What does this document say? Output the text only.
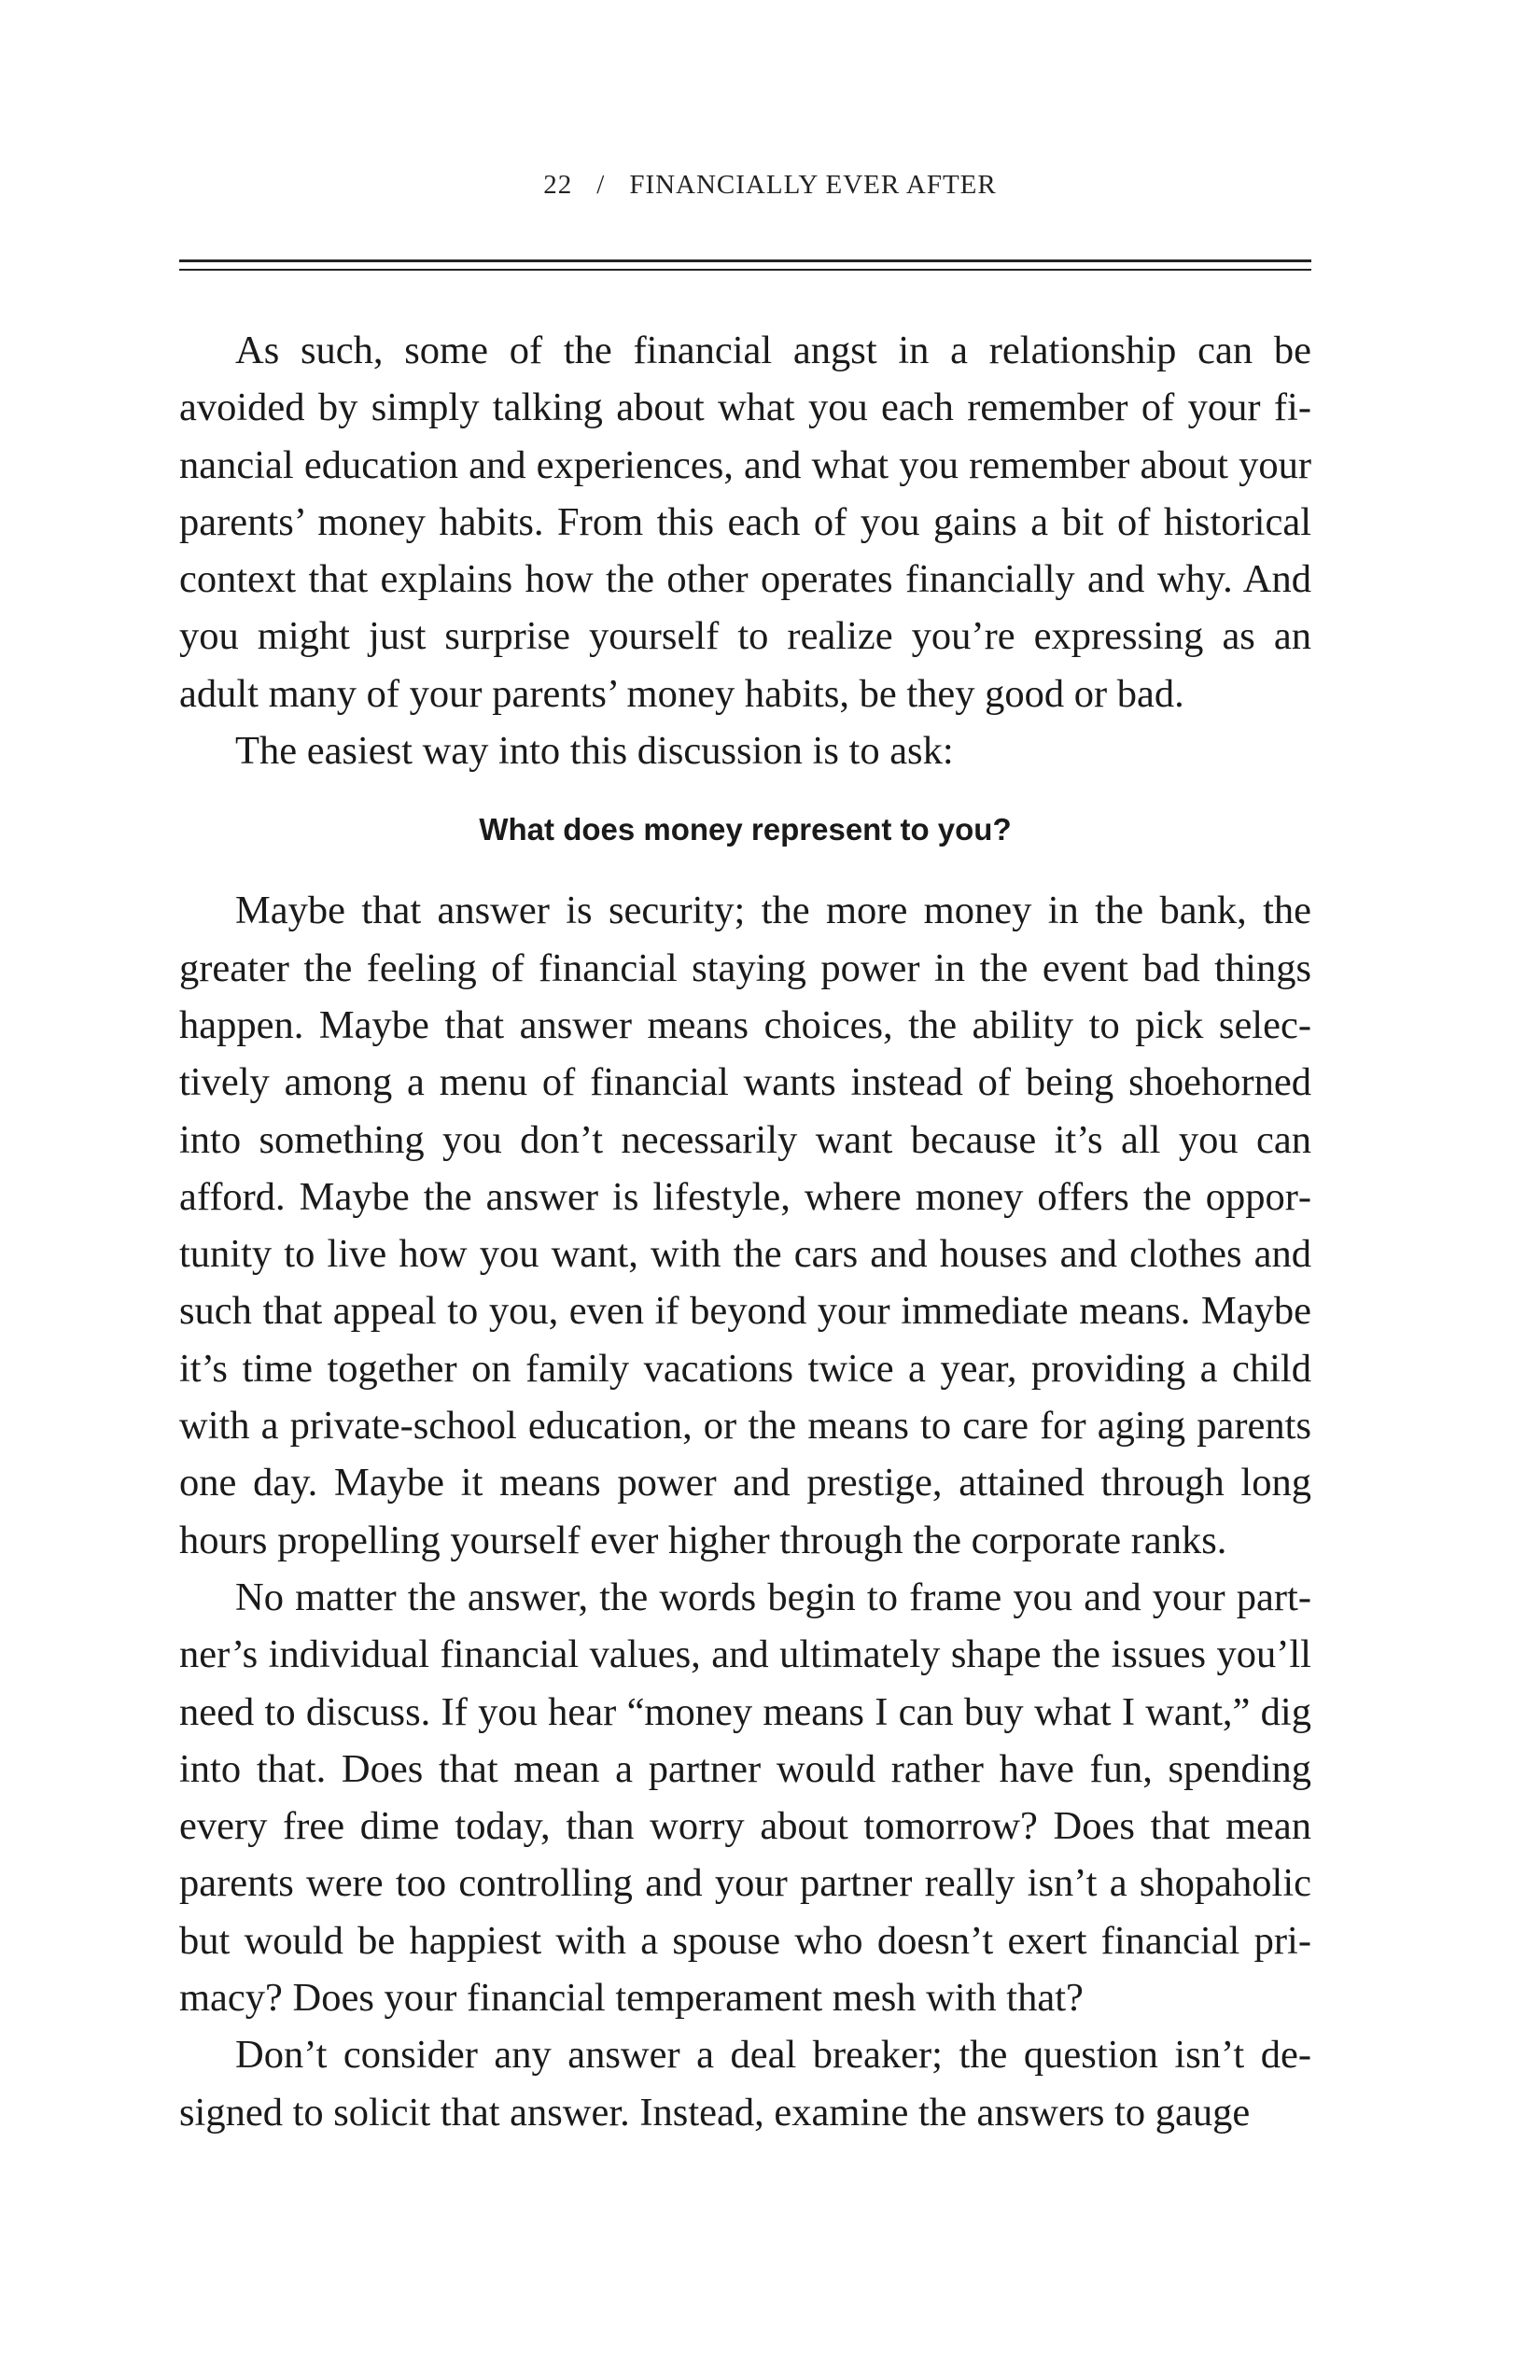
22 / FINANCIALLY EVER AFTER

As such, some of the financial angst in a relationship can be avoided by simply talking about what you each remember of your financial education and experiences, and what you remember about your parents’ money habits. From this each of you gains a bit of historical context that explains how the other operates financially and why. And you might just surprise yourself to realize you’re expressing as an adult many of your parents’ money habits, be they good or bad.

The easiest way into this discussion is to ask:

What does money represent to you?

Maybe that answer is security; the more money in the bank, the greater the feeling of financial staying power in the event bad things happen. Maybe that answer means choices, the ability to pick selectively among a menu of financial wants instead of being shoehorned into something you don’t necessarily want because it’s all you can afford. Maybe the answer is lifestyle, where money offers the opportunity to live how you want, with the cars and houses and clothes and such that appeal to you, even if beyond your immediate means. Maybe it’s time together on family vacations twice a year, providing a child with a private-school education, or the means to care for aging parents one day. Maybe it means power and prestige, attained through long hours propelling yourself ever higher through the corporate ranks.

No matter the answer, the words begin to frame you and your partner’s individual financial values, and ultimately shape the issues you’ll need to discuss. If you hear “money means I can buy what I want,” dig into that. Does that mean a partner would rather have fun, spending every free dime today, than worry about tomorrow? Does that mean parents were too controlling and your partner really isn’t a shopaholic but would be happiest with a spouse who doesn’t exert financial primacy? Does your financial temperament mesh with that?

Don’t consider any answer a deal breaker; the question isn’t designed to solicit that answer. Instead, examine the answers to gauge
